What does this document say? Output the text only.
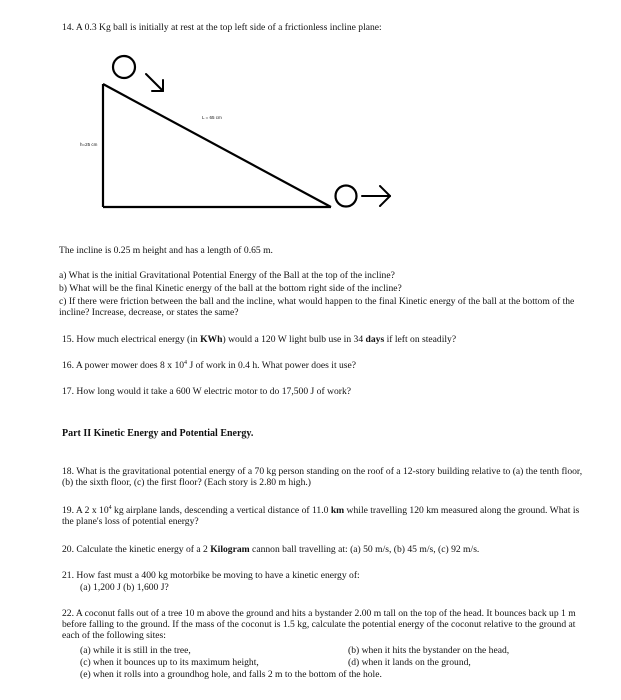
14. A 0.3 Kg ball is initially at rest at the top left side of a frictionless incline plane:
L = 65 cm
h=25 cm
The incline is 0.25 m height and has a length of 0.65 m.
a) What is the initial Gravitational Potential Energy of the Ball at the top of the incline?
b) What will be the final Kinetic energy of the ball at the bottom right side of the incline?
c) If there were friction between the ball and the incline, what would happen to the final Kinetic energy of the ball at the bottom of the incline? Increase, decrease, or states the same?
15. How much electrical energy (in KWh) would a 120 W light bulb use in 34 days if left on steadily?
16. A power mower does 8 x $10^4$ J of work in 0.4 h. What power does it use?
17. How long would it take a 600 W electric motor to do 17,500 J of work?
Part II Kinetic Energy and Potential Energy.
18. What is the gravitational potential energy of a 70 kg person standing on the roof of a 12-story building relative to (a) the tenth floor, (b) the sixth floor, (c) the first floor? (Each story is 2.80 m high.)
19. A 2 x $10^4$ kg airplane lands, descending a vertical distance of 11.0 km while travelling 120 km measured along the ground. What is the plane's loss of potential energy?
20. Calculate the kinetic energy of a 2 Kilogram cannon ball travelling at: (a) 50 m/s, (b) 45 m/s, (c) 92 m/s.
21. How fast must a 400 kg motorbike be moving to have a kinetic energy of:
(a) 1,200 J (b) 1,600 J?
22. A coconut falls out of a tree 10 m above the ground and hits a bystander 2.00 m tall on the top of the head. It bounces back up 1 m before falling to the ground. If the mass of the coconut is 1.5 kg, calculate the potential energy of the coconut relative to the ground at each of the following sites:
(a) while it is still in the tree,	(b) when it hits the bystander on the head,
(c) when it bounces up to its maximum height,	(d) when it lands on the ground,
(e) when it rolls into a groundhog hole, and falls 2 m to the bottom of the hole.
